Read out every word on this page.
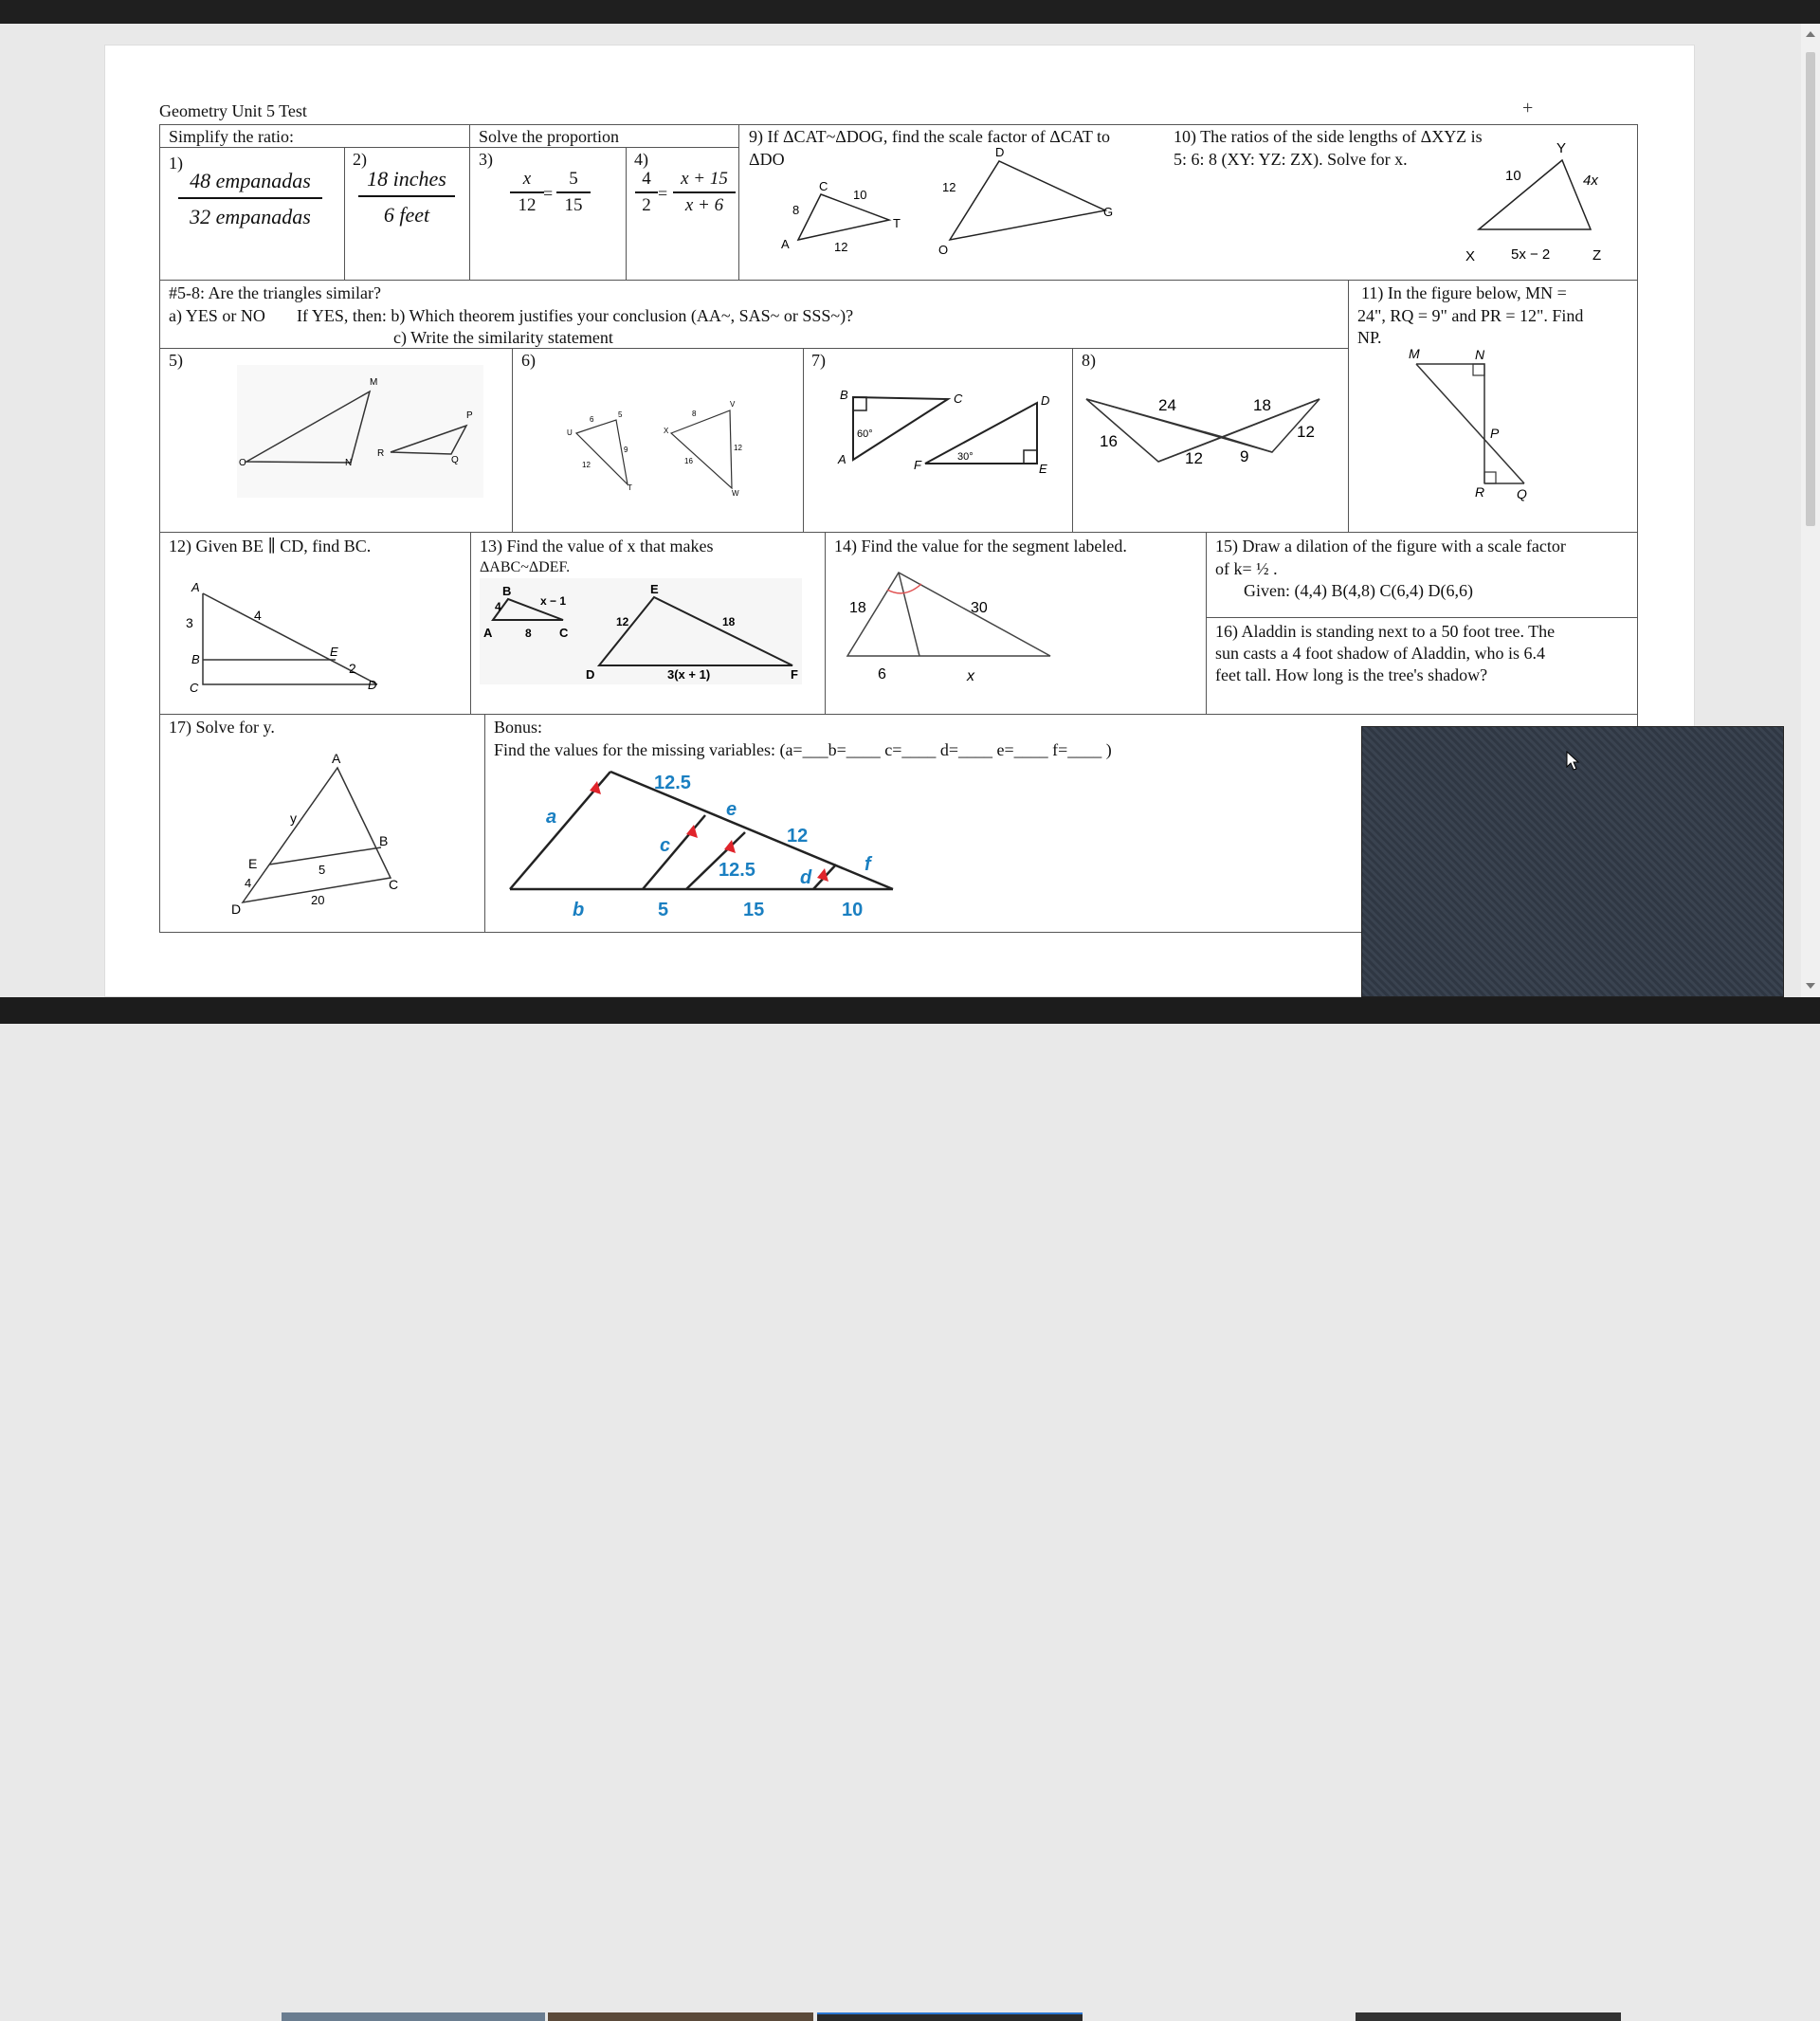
Geometry Unit 5 Test	+
Simplify the ratio:	Solve the proportion
1)
48 empanadas
32 empanadas
2)
18 inches
6 feet
3)
$\frac{x}{12} = \frac{5}{15}$
4)
$\frac{4}{2} = \frac{x + 15}{x + 6}$
9) If ΔCAT~ΔDOG, find the scale factor of ΔCAT to
ΔDO
C
A
T
8
10
12
D
O
G
12
10) The ratios of the side lengths of ΔXYZ is
5: 6: 8 (XY: YZ: ZX). Solve for x.
Y
X	Z
10	4x
5x − 2
#5-8: Are the triangles similar?
a) YES or NO If YES, then: b) Which theorem justifies your conclusion (AA~, SAS~ or SSS~)?
c) Write the similarity statement
5)	6)	7)	8)
M
O	N
P
R
Q
U
T
6
5
9
12
X
V
W
8
12
16
B	C
A
D
F	E
60°
30°
24	18
16
12
12
9
11) In the figure below, MN =
24", RQ = 9" and PR = 12". Find
NP.
M	N
P
R Q
12) Given BE ∥ CD, find BC.
A
B
C	D
E
3	4
2
13) Find the value of x that makes
ΔABC~ΔDEF.
B
A	C
4	x − 1
8
E
D	F
12	18
3(x + 1)
14) Find the value for the segment labeled.
18	30
6	x
15) Draw a dilation of the figure with a scale factor
of k= ½ .
Given: (4,4) B(4,8) C(6,4) D(6,6)
16) Aladdin is standing next to a 50 foot tree. The
sun casts a 4 foot shadow of Aladdin, who is 6.4
feet tall. How long is the tree's shadow?
17) Solve for y.
A
B
C
D
E
y
5
4
20
Bonus:
Find the values for the missing variables: (a=___b=____ c=____ d=____ e=____ f=____ )
a
b
c
d
e
f
12.5
12
12.5
5	15	10
